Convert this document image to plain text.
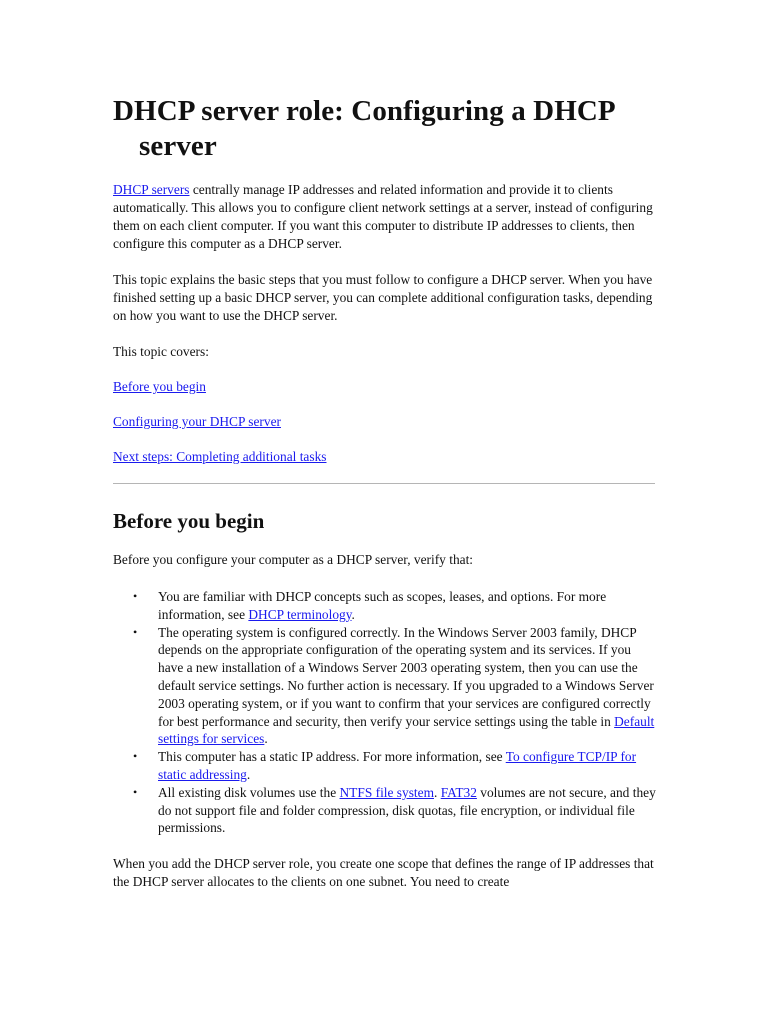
DHCP server role: Configuring a DHCP server

DHCP servers centrally manage IP addresses and related information and provide it to clients automatically. This allows you to configure client network settings at a server, instead of configuring them on each client computer. If you want this computer to distribute IP addresses to clients, then configure this computer as a DHCP server.

This topic explains the basic steps that you must follow to configure a DHCP server. When you have finished setting up a basic DHCP server, you can complete additional configuration tasks, depending on how you want to use the DHCP server.

This topic covers:

Before you begin

Configuring your DHCP server

Next steps: Completing additional tasks

Before you begin

Before you configure your computer as a DHCP server, verify that:

• You are familiar with DHCP concepts such as scopes, leases, and options. For more information, see DHCP terminology.
• The operating system is configured correctly. In the Windows Server 2003 family, DHCP depends on the appropriate configuration of the operating system and its services. If you have a new installation of a Windows Server 2003 operating system, then you can use the default service settings. No further action is necessary. If you upgraded to a Windows Server 2003 operating system, or if you want to confirm that your services are configured correctly for best performance and security, then verify your service settings using the table in Default settings for services.
• This computer has a static IP address. For more information, see To configure TCP/IP for static addressing.
• All existing disk volumes use the NTFS file system. FAT32 volumes are not secure, and they do not support file and folder compression, disk quotas, file encryption, or individual file permissions.

When you add the DHCP server role, you create one scope that defines the range of IP addresses that the DHCP server allocates to the clients on one subnet. You need to create
